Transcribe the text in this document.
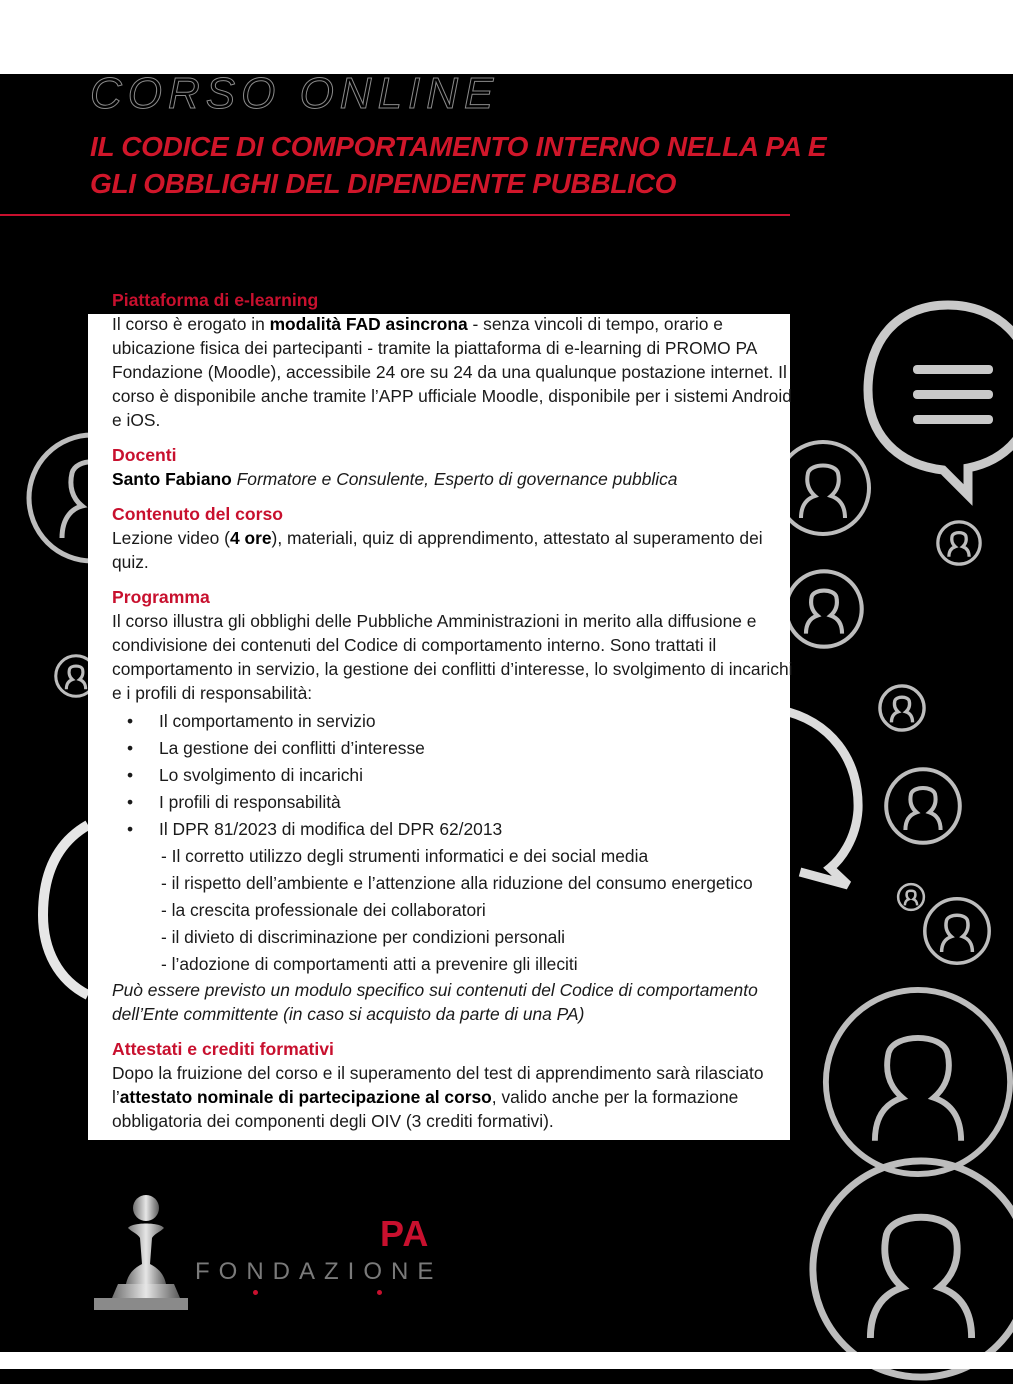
CORSO ONLINE
IL CODICE DI COMPORTAMENTO INTERNO NELLA PA E
GLI OBBLIGHI DEL DIPENDENTE PUBBLICO
Piattaforma di e-learning

Il corso è erogato in modalità FAD asincrona - senza vincoli di tempo, orario e ubicazione fisica dei partecipanti - tramite la piattaforma di e-learning di PROMO PA Fondazione (Moodle), accessibile 24 ore su 24 da una qualunque postazione internet. Il corso è disponibile anche tramite l’APP ufficiale Moodle, disponibile per i sistemi Android e iOS.

Docenti

Santo Fabiano Formatore e Consulente, Esperto di governance pubblica

Contenuto del corso

Lezione video (4 ore), materiali, quiz di apprendimento, attestato al superamento dei quiz.

Programma

Il corso illustra gli obblighi delle Pubbliche Amministrazioni in merito alla diffusione e condivisione dei contenuti del Codice di comportamento interno. Sono trattati il comportamento in servizio, la gestione dei conflitti d’interesse, lo svolgimento di incarichi e i profili di responsabilità:

• Il comportamento in servizio
• La gestione dei conflitti d’interesse
• Lo svolgimento di incarichi
• I profili di responsabilità
• Il DPR 81/2023 di modifica del DPR 62/2013
- Il corretto utilizzo degli strumenti informatici e dei social media
- il rispetto dell’ambiente e l’attenzione alla riduzione del consumo energetico
- la crescita professionale dei collaboratori
- il divieto di discriminazione per condizioni personali
- l’adozione di comportamenti atti a prevenire gli illeciti

Può essere previsto un modulo specifico sui contenuti del Codice di comportamento dell’Ente committente (in caso si acquisto da parte di una PA)

Attestati e crediti formativi

Dopo la fruizione del corso e il superamento del test di apprendimento sarà rilasciato l’attestato nominale di partecipazione al corso, valido anche per la formazione obbligatoria dei componenti degli OIV (3 crediti formativi).

PA
FONDAZIONE
